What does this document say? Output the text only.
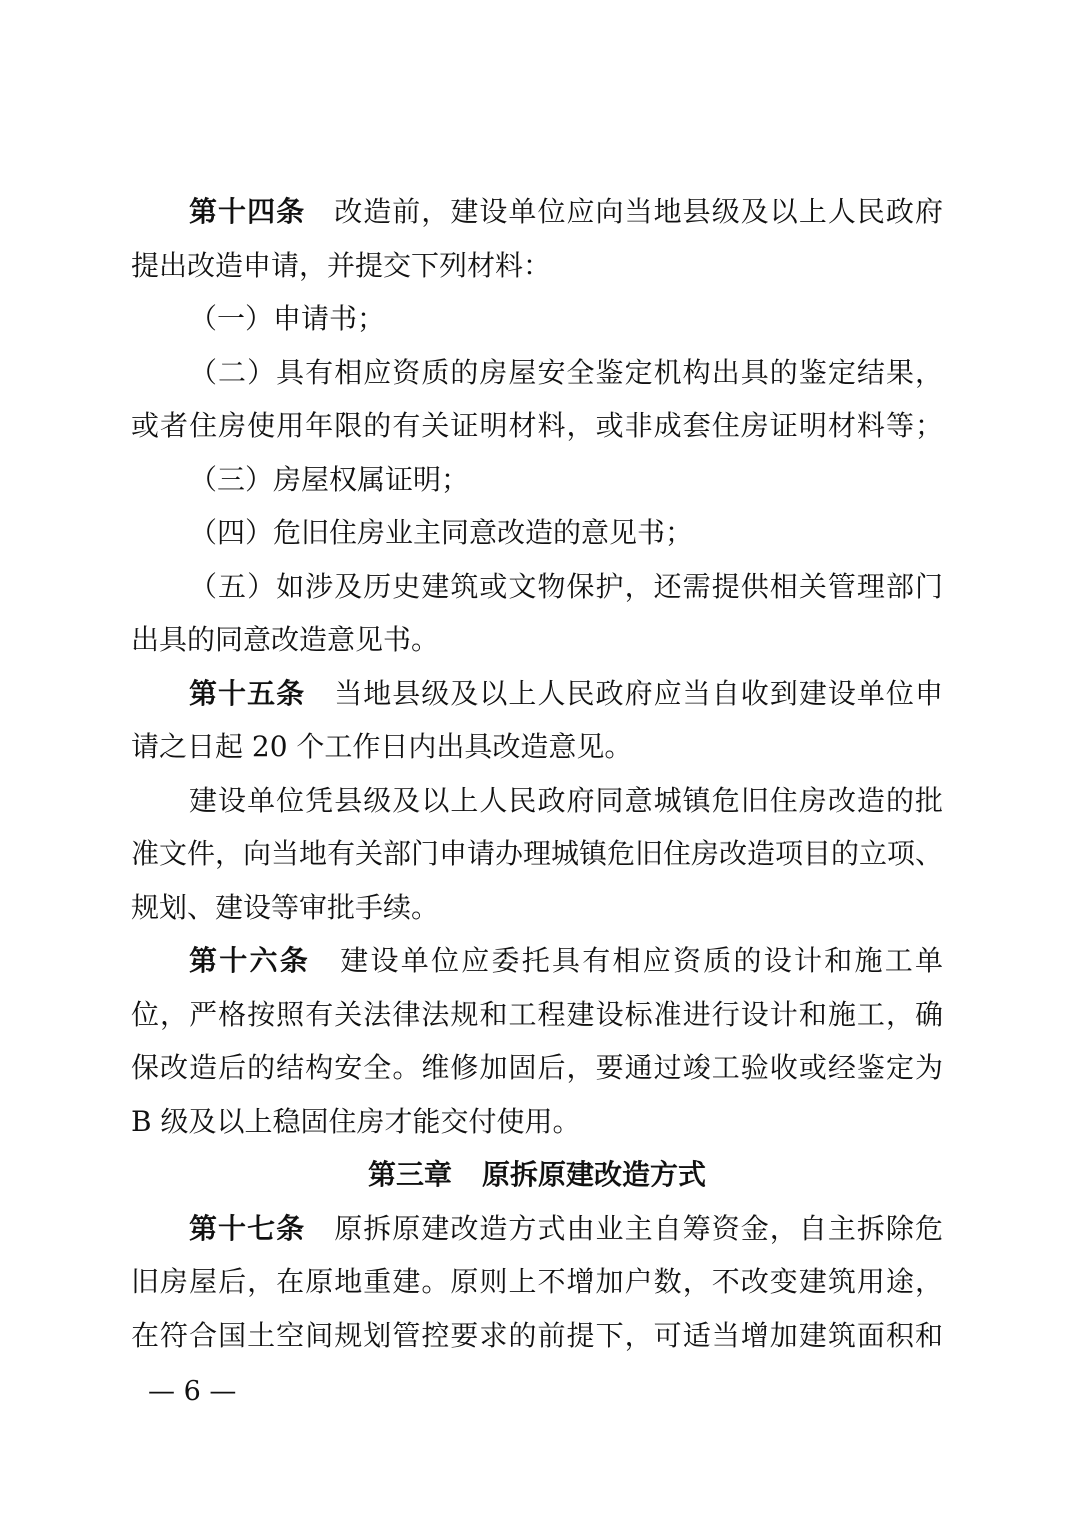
第十四条 改造前，建设单位应向当地县级及以上人民政府
提出改造申请，并提交下列材料：
（一）申请书；
（二）具有相应资质的房屋安全鉴定机构出具的鉴定结果，
或者住房使用年限的有关证明材料，或非成套住房证明材料等；
（三）房屋权属证明；
（四）危旧住房业主同意改造的意见书；
（五）如涉及历史建筑或文物保护，还需提供相关管理部门
出具的同意改造意见书。
第十五条 当地县级及以上人民政府应当自收到建设单位申
请之日起 20 个工作日内出具改造意见。
建设单位凭县级及以上人民政府同意城镇危旧住房改造的批
准文件，向当地有关部门申请办理城镇危旧住房改造项目的立项、
规划、建设等审批手续。
第十六条 建设单位应委托具有相应资质的设计和施工单
位，严格按照有关法律法规和工程建设标准进行设计和施工，确
保改造后的结构安全。维修加固后，要通过竣工验收或经鉴定为
B 级及以上稳固住房才能交付使用。
第三章 原拆原建改造方式
第十七条 原拆原建改造方式由业主自筹资金，自主拆除危
旧房屋后，在原地重建。原则上不增加户数，不改变建筑用途，
在符合国土空间规划管控要求的前提下，可适当增加建筑面积和
— 6 —
